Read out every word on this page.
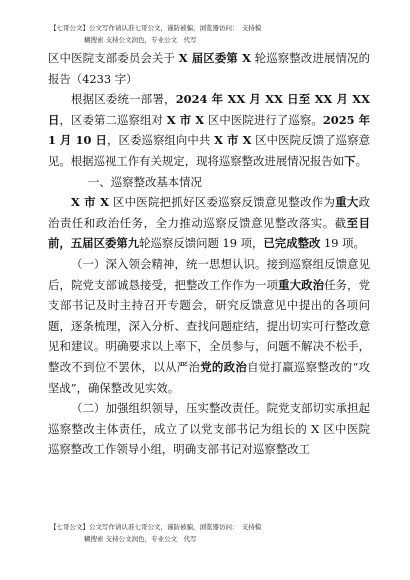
【七哥公文】公文写作请认准七哥公文，谨防被骗，浏览器访问：　支持模
糊搜索 支持公文润色，专业公文　代写

区中医院支部委员会关于 X 届区委第 X 轮巡察整改进展情况的报告（4233 字）

根据区委统一部署，2024 年 XX 月 XX 日至 XX 月 XX 日，区委第二巡察组对 X 市 X 区中医院进行了巡察。2025 年 1 月 10 日，区委巡察组向中共 X 市 X 区中医院反馈了巡察意见。根据巡视工作有关规定，现将巡察整改进展情况报告如下。

一、巡察整改基本情况

X 市 X 区中医院把抓好区委巡察反馈意见整改作为重大政治责任和政治任务，全力推动巡察反馈意见整改落实。截至目前，五届区委第九轮巡察反馈问题 19 项，已完成整改 19 项。

（一）深入领会精神，统一思想认识。接到巡察组反馈意见后，院党支部诚恳接受，把整改工作作为一项重大政治任务，党支部书记及时主持召开专题会，研究反馈意见中提出的各项问题，逐条梳理，深入分析、查找问题症结，提出切实可行整改意见和建议。明确要求以上率下，全员参与，问题不解决不松手，整改不到位不罢休，以从严治党的政治自觉打赢巡察整改的“攻坚战”，确保整改见实效。

（二）加强组织领导，压实整改责任。院党支部切实承担起巡察整改主体责任，成立了以党支部书记为组长的 X 区中医院巡察整改工作领导小组，明确支部书记对巡察整改工

【七哥公文】公文写作请认准七哥公文，谨防被骗，浏览器访问：　支持模
糊搜索 支持公文润色，专业公文　代写
